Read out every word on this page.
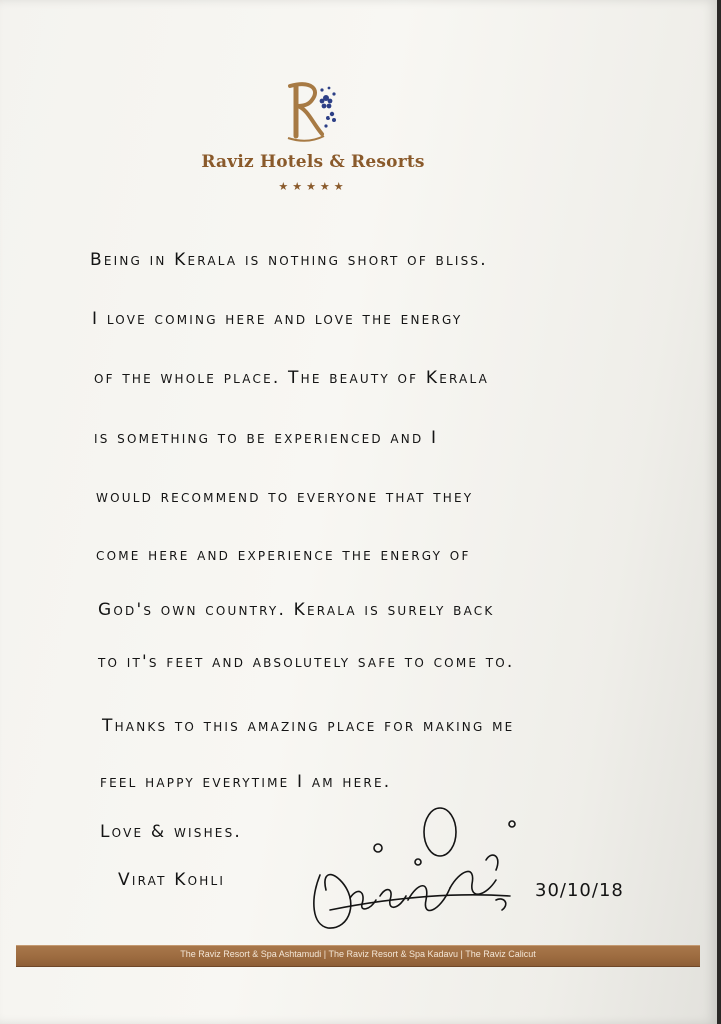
Raviz Hotels & Resorts
★★★★★
Being in Kerala is nothing short of bliss.
I love coming here and love the energy
of the whole place. The beauty of Kerala
is something to be experienced and I
would recommend to everyone that they
come here and experience the energy of
God's own country. Kerala is surely back
to it's feet and absolutely safe to come to.
Thanks to this amazing place for making me
feel happy everytime I am here.
Love & wishes.
Virat Kohli	30/10/18
The Raviz Resort & Spa Ashtamudi | The Raviz Resort & Spa Kadavu | The Raviz Calicut
